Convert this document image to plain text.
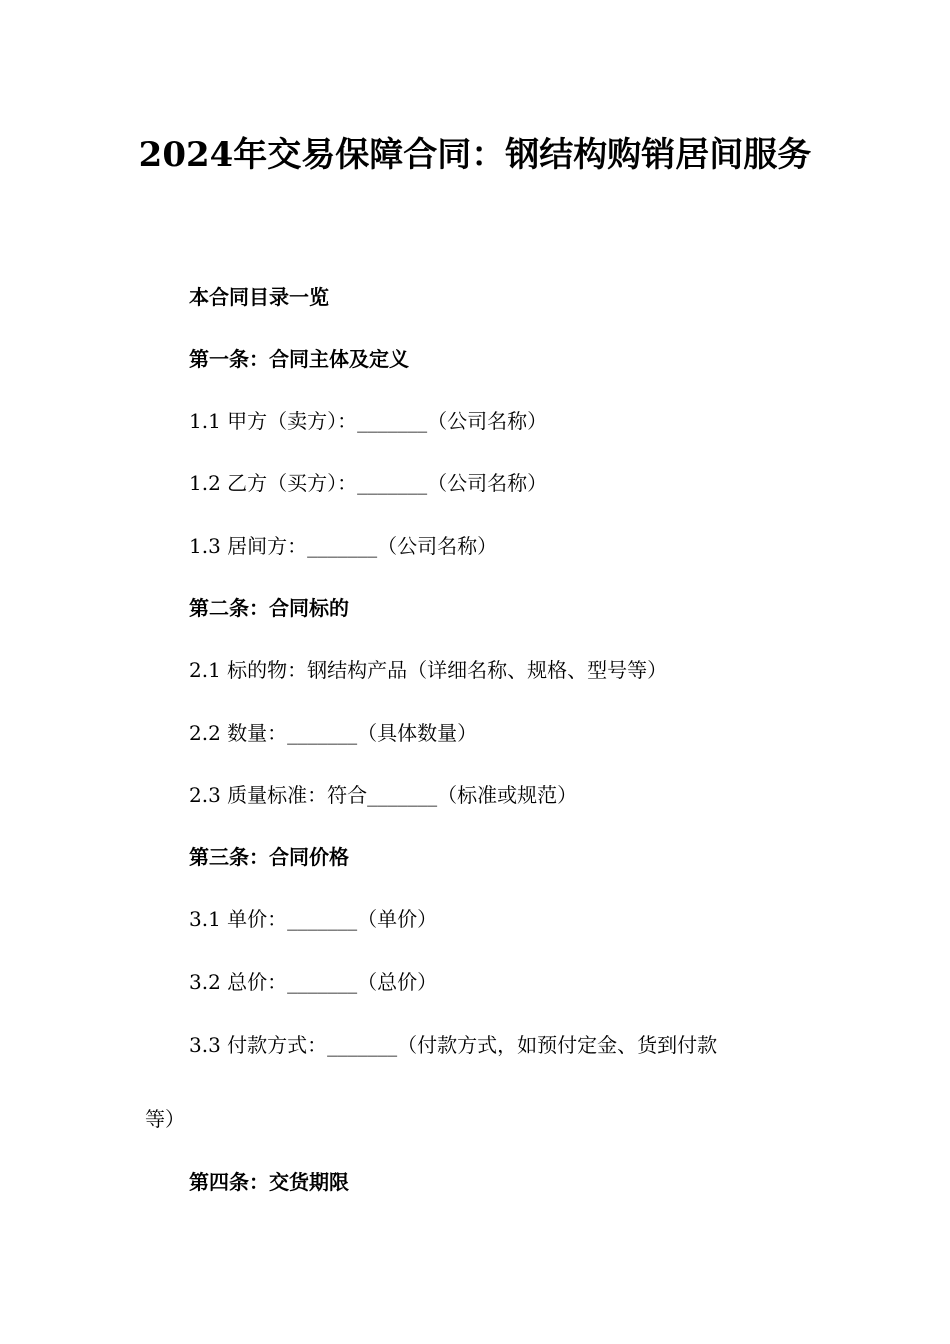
2024年交易保障合同：钢结构购销居间服务

本合同目录一览

第一条：合同主体及定义

1.1 甲方（卖方）：_______（公司名称）

1.2 乙方（买方）：_______（公司名称）

1.3 居间方：_______（公司名称）

第二条：合同标的

2.1 标的物：钢结构产品（详细名称、规格、型号等）

2.2 数量：_______（具体数量）

2.3 质量标准：符合_______（标准或规范）

第三条：合同价格

3.1 单价：_______（单价）

3.2 总价：_______（总价）

3.3 付款方式：_______（付款方式，如预付定金、货到付款

等）

第四条：交货期限
